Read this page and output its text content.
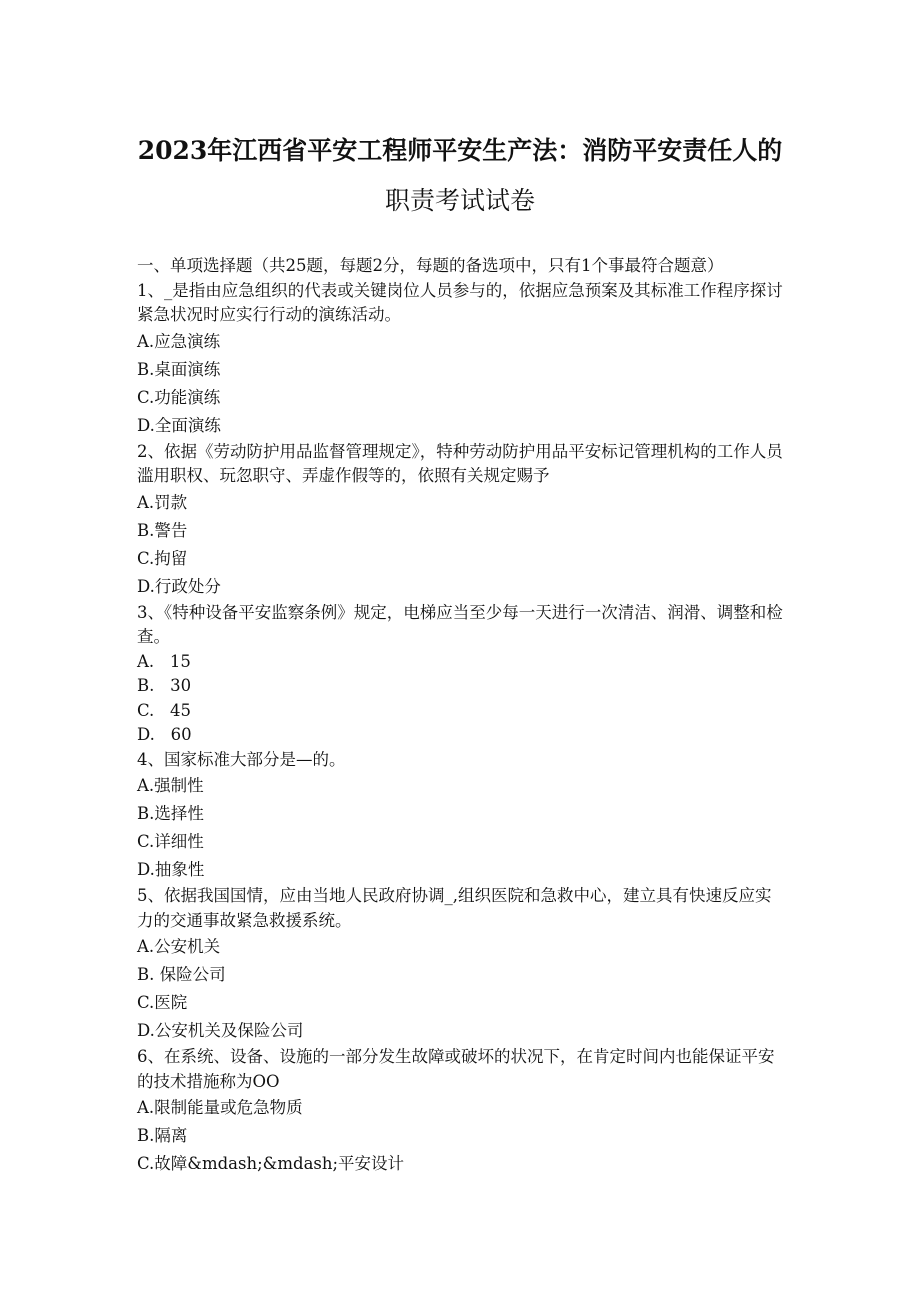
2023年江西省平安工程师平安生产法：消防平安责任人的
职责考试试卷

一、单项选择题（共25题，每题2分，每题的备选项中，只有1个事最符合题意）

1、_是指由应急组织的代表或关键岗位人员参与的，依据应急预案及其标准工作程序探讨紧急状况时应实行行动的演练活动。

A.应急演练

B.桌面演练

C.功能演练

D.全面演练

2、依据《劳动防护用品监督管理规定》，特种劳动防护用品平安标记管理机构的工作人员滥用职权、玩忽职守、弄虚作假等的，依照有关规定赐予

A.罚款

B.警告

C.拘留

D.行政处分

3、《特种设备平安监察条例》规定，电梯应当至少每一天进行一次清洁、润滑、调整和检查。

A.   15

B.   30

C.   45

D.   60

4、国家标准大部分是—的。

A.强制性

B.选择性

C.详细性

D.抽象性

5、依据我国国情，应由当地人民政府协调_,组织医院和急救中心，建立具有快速反应实力的交通事故紧急救援系统。

A.公安机关

B. 保险公司

C.医院

D.公安机关及保险公司

6、在系统、设备、设施的一部分发生故障或破坏的状况下，在肯定时间内也能保证平安的技术措施称为OO

A.限制能量或危急物质

B.隔离

C.故障&mdash;&mdash;平安设计
